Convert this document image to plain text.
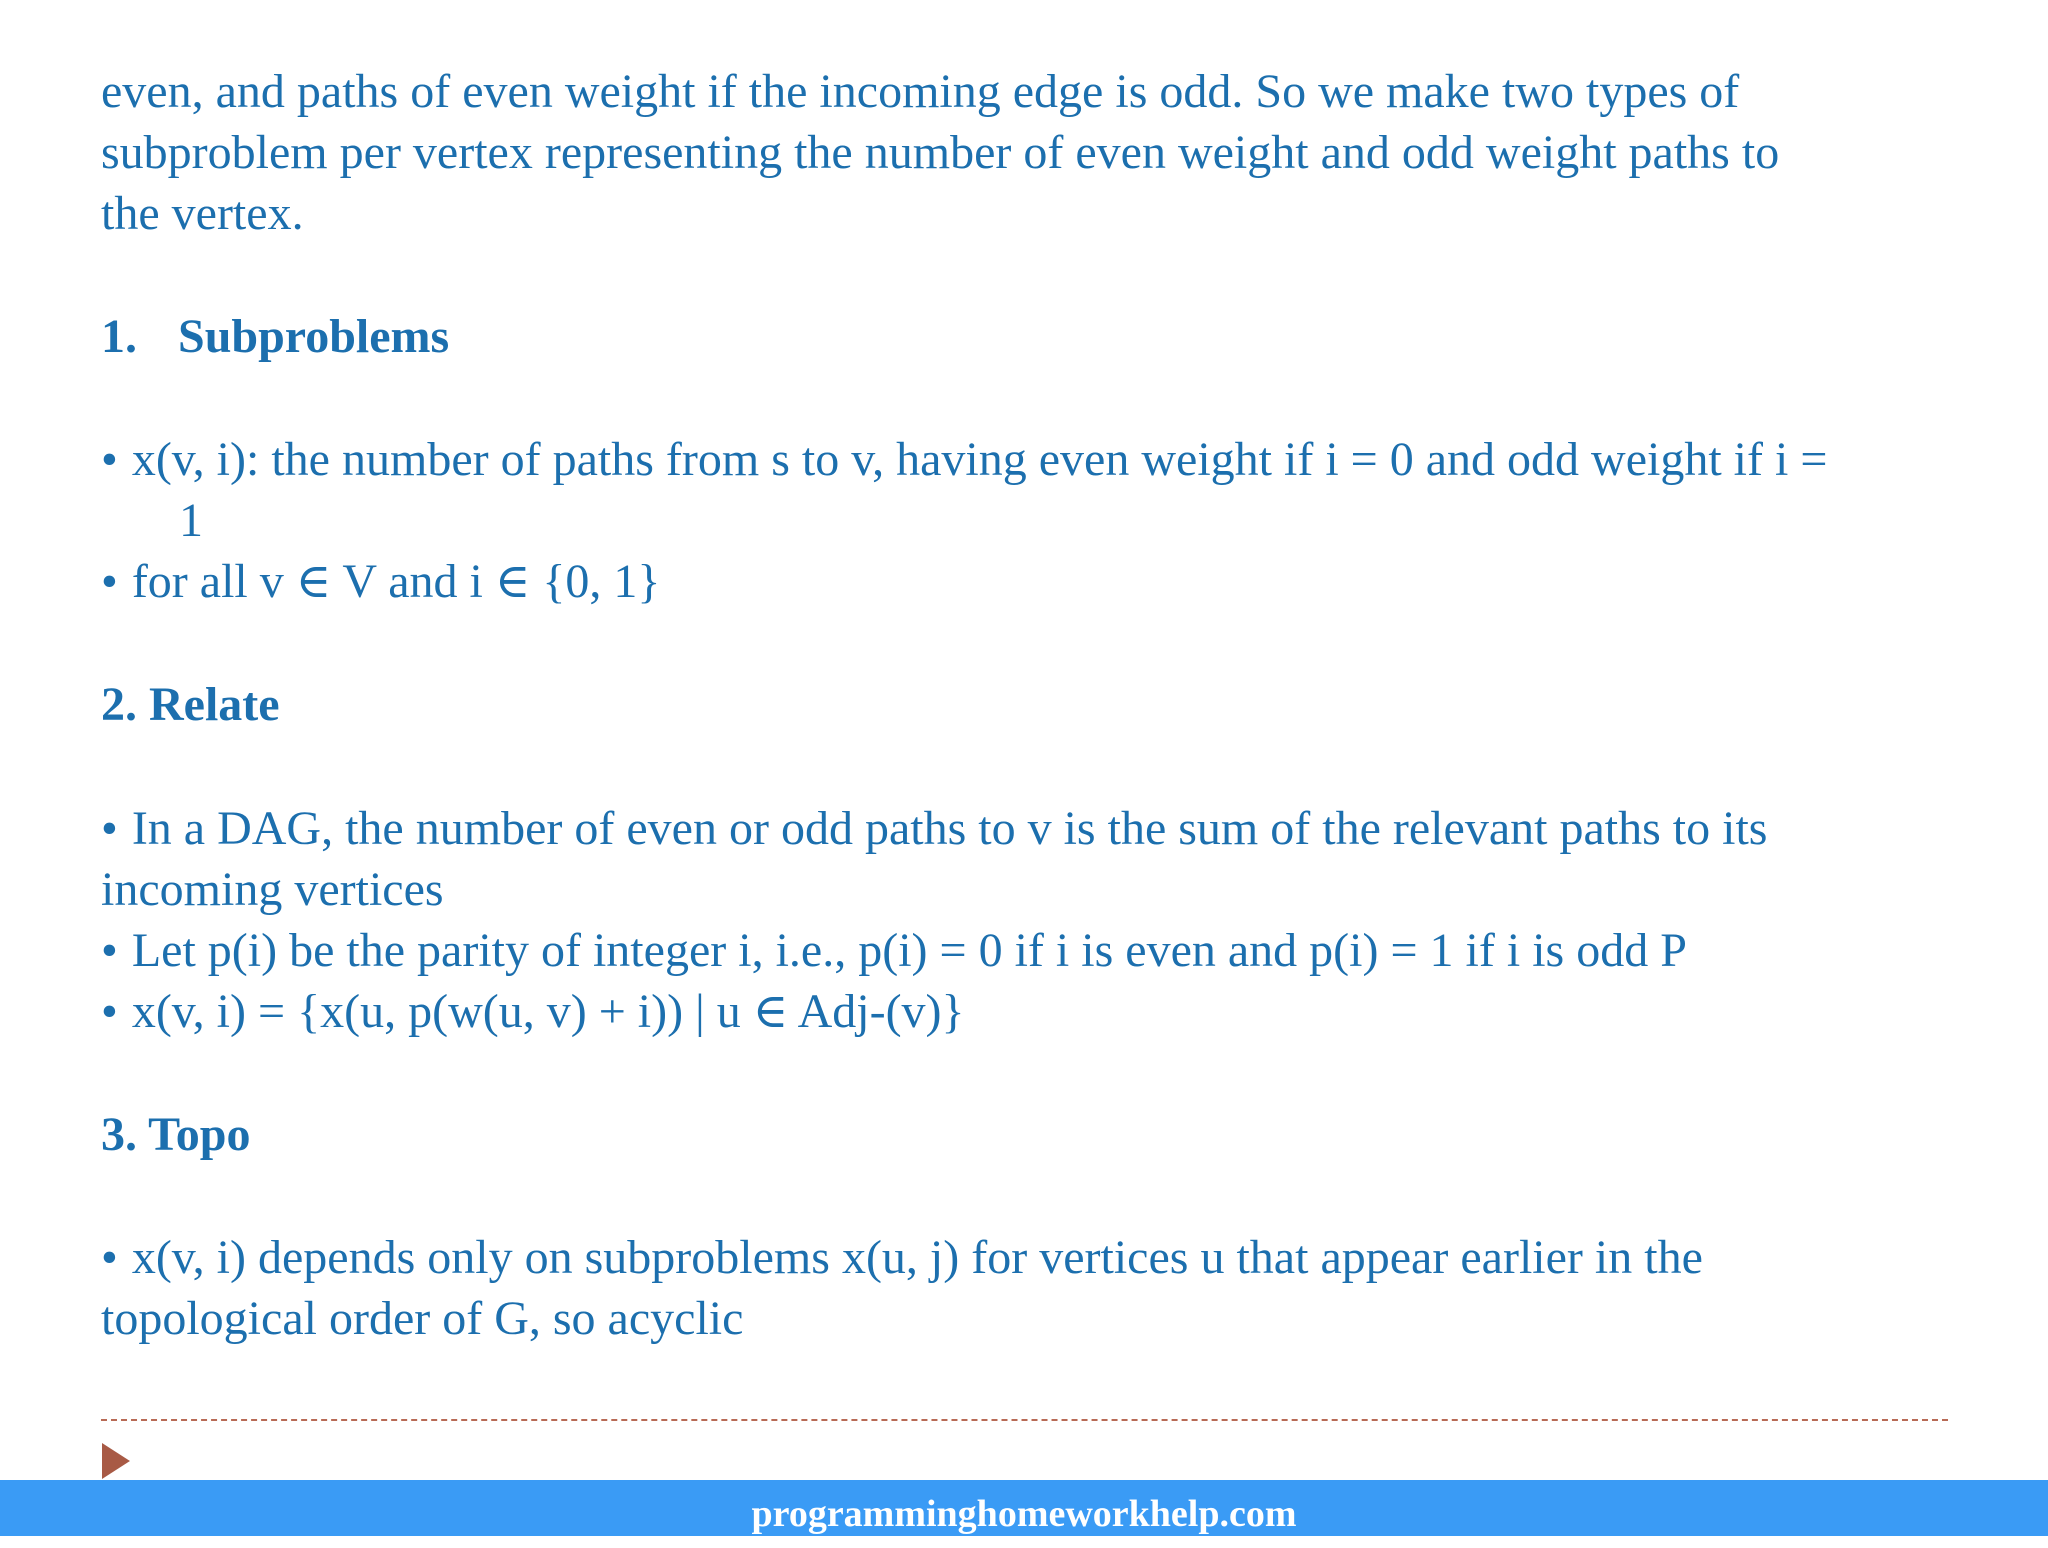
even, and paths of even weight if the incoming edge is odd. So we make two types of
subproblem per vertex representing the number of even weight and odd weight paths to
the vertex.
1. Subproblems
• x(v, i): the number of paths from s to v, having even weight if i = 0 and odd weight if i =
1
• for all v ∈ V and i ∈ {0, 1}
2. Relate
• In a DAG, the number of even or odd paths to v is the sum of the relevant paths to its
incoming vertices
• Let p(i) be the parity of integer i, i.e., p(i) = 0 if i is even and p(i) = 1 if i is odd P
• x(v, i) = {x(u, p(w(u, v) + i)) | u ∈ Adj-(v)}
3. Topo
• x(v, i) depends only on subproblems x(u, j) for vertices u that appear earlier in the
topological order of G, so acyclic
programminghomeworkhelp.com
